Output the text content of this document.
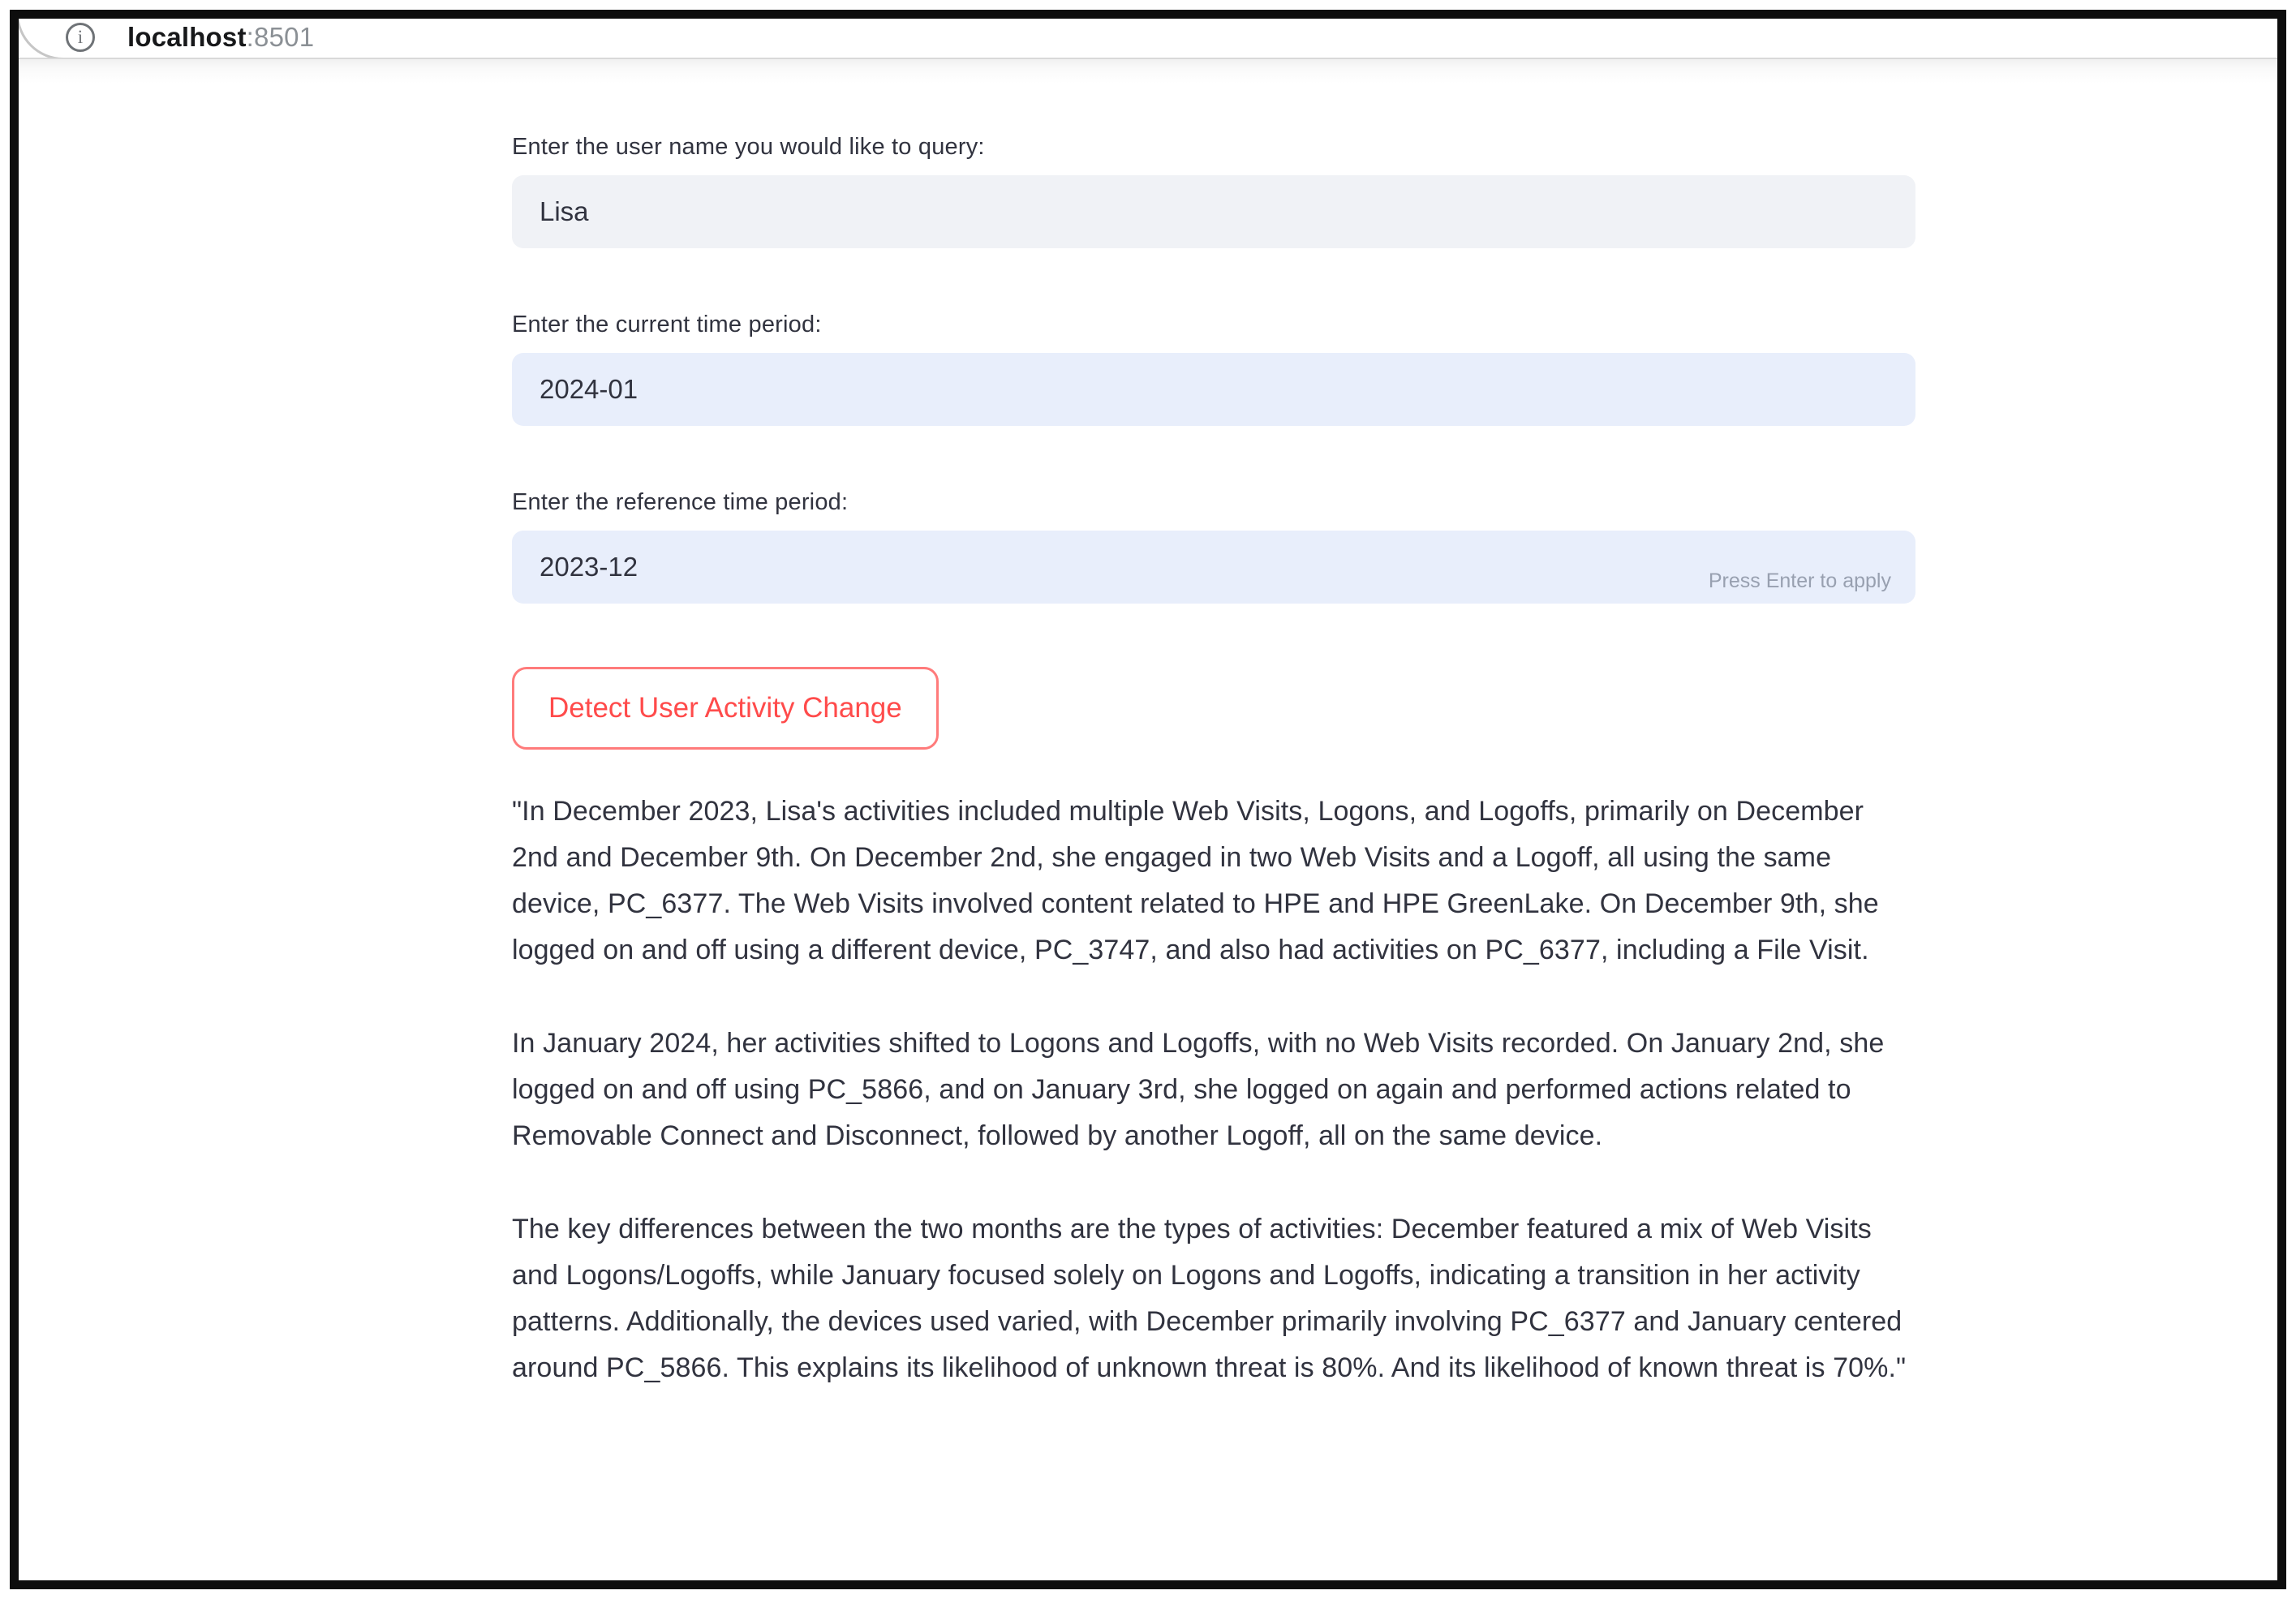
i	localhost:8501
Enter the user name you would like to query:
Lisa
Enter the current time period:
2024-01
Enter the reference time period:
2023-12
Press Enter to apply
Detect User Activity Change

"In December 2023, Lisa's activities included multiple Web Visits, Logons, and Logoffs, primarily on December 2nd and December 9th. On December 2nd, she engaged in two Web Visits and a Logoff, all using the same device, PC_6377. The Web Visits involved content related to HPE and HPE GreenLake. On December 9th, she logged on and off using a different device, PC_3747, and also had activities on PC_6377, including a File Visit.

In January 2024, her activities shifted to Logons and Logoffs, with no Web Visits recorded. On January 2nd, she logged on and off using PC_5866, and on January 3rd, she logged on again and performed actions related to Removable Connect and Disconnect, followed by another Logoff, all on the same device.

The key differences between the two months are the types of activities: December featured a mix of Web Visits and Logons/Logoffs, while January focused solely on Logons and Logoffs, indicating a transition in her activity patterns. Additionally, the devices used varied, with December primarily involving PC_6377 and January centered around PC_5866. This explains its likelihood of unknown threat is 80%. And its likelihood of known threat is 70%."
